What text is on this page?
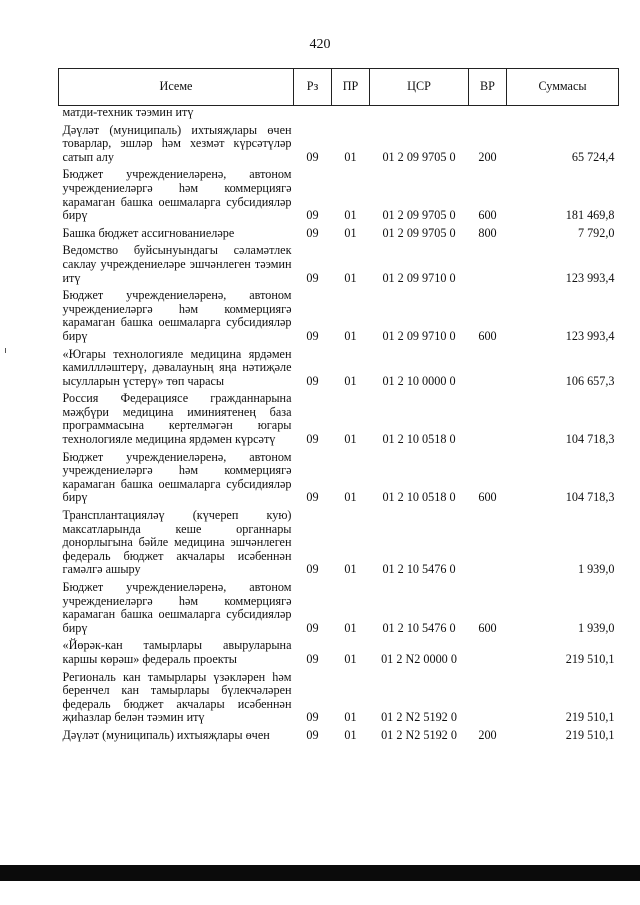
420
Исеме	Рз	ПР	ЦСР	ВР	Суммасы
матди-техник тәэмин итү					
Дәүләт (муниципаль) ихтыяҗлары өчен товарлар, эшләр һәм хезмәт күрсәтүләр сатып алу	09	01	01 2 09 9705 0	200	65 724,4
Бюджет учреждениеләренә, автоном учреждениеләргә һәм коммерциягә карамаган башка оешмаларга субсидияләр бирү	09	01	01 2 09 9705 0	600	181 469,8
Башка бюджет ассигнованиеләре	09	01	01 2 09 9705 0	800	7 792,0
Ведомство буйсынуындагы сәламәтлек саклау учреждениеләре эшчәнлеген тәэмин итү	09	01	01 2 09 9710 0		123 993,4
Бюджет учреждениеләренә, автоном учреждениеләргә һәм коммерциягә карамаган башка оешмаларга субсидияләр бирү	09	01	01 2 09 9710 0	600	123 993,4
«Югары технологияле медицина ярдәмен камиллләштерү, дәвалауның яңа нәтиҗәле ысулларын үстерү» төп чарасы	09	01	01 2 10 0000 0		106 657,3
Россия Федерациясе гражданнарына мәҗбүри медицина иминиятенең база программасына кертелмәгән югары технологияле медицина ярдәмен күрсәтү	09	01	01 2 10 0518 0		104 718,3
Бюджет учреждениеләренә, автоном учреждениеләргә һәм коммерциягә карамаган башка оешмаларга субсидияләр бирү	09	01	01 2 10 0518 0	600	104 718,3
Трансплантацияләү (күчереп кую) максатларында кеше органнары донорлыгына бәйле медицина эшчәнлеген федераль бюджет акчалары исәбеннән гамәлгә ашыру	09	01	01 2 10 5476 0		1 939,0
Бюджет учреждениеләренә, автоном учреждениеләргә һәм коммерциягә карамаган башка оешмаларга субсидияләр бирү	09	01	01 2 10 5476 0	600	1 939,0
«Йөрәк-кан тамырлары авыруларына каршы көрәш» федераль проекты	09	01	01 2 N2 0000 0		219 510,1
Региональ кан тамырлары үзәкләрен һәм беренчел кан тамырлары бүлекчәләрен федераль бюджет акчалары исәбеннән җиһазлар белән тәэмин итү	09	01	01 2 N2 5192 0		219 510,1
Дәүләт (муниципаль) ихтыяҗлары өчен	09	01	01 2 N2 5192 0	200	219 510,1
